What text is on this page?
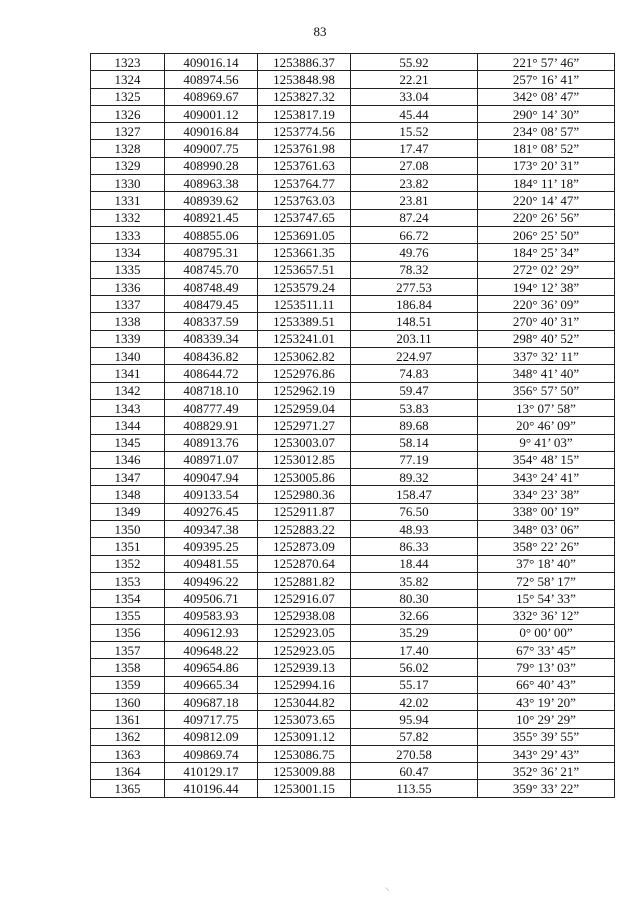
83
1323	409016.14	1253886.37	55.92	221° 57’ 46”
1324	408974.56	1253848.98	22.21	257° 16’ 41”
1325	408969.67	1253827.32	33.04	342° 08’ 47”
1326	409001.12	1253817.19	45.44	290° 14’ 30”
1327	409016.84	1253774.56	15.52	234° 08’ 57”
1328	409007.75	1253761.98	17.47	181° 08’ 52”
1329	408990.28	1253761.63	27.08	173° 20’ 31”
1330	408963.38	1253764.77	23.82	184° 11’ 18”
1331	408939.62	1253763.03	23.81	220° 14’ 47”
1332	408921.45	1253747.65	87.24	220° 26’ 56”
1333	408855.06	1253691.05	66.72	206° 25’ 50”
1334	408795.31	1253661.35	49.76	184° 25’ 34”
1335	408745.70	1253657.51	78.32	272° 02’ 29”
1336	408748.49	1253579.24	277.53	194° 12’ 38”
1337	408479.45	1253511.11	186.84	220° 36’ 09”
1338	408337.59	1253389.51	148.51	270° 40’ 31”
1339	408339.34	1253241.01	203.11	298° 40’ 52”
1340	408436.82	1253062.82	224.97	337° 32’ 11”
1341	408644.72	1252976.86	74.83	348° 41’ 40”
1342	408718.10	1252962.19	59.47	356° 57’ 50”
1343	408777.49	1252959.04	53.83	13° 07’ 58”
1344	408829.91	1252971.27	89.68	20° 46’ 09”
1345	408913.76	1253003.07	58.14	9° 41’ 03”
1346	408971.07	1253012.85	77.19	354° 48’ 15”
1347	409047.94	1253005.86	89.32	343° 24’ 41”
1348	409133.54	1252980.36	158.47	334° 23’ 38”
1349	409276.45	1252911.87	76.50	338° 00’ 19”
1350	409347.38	1252883.22	48.93	348° 03’ 06”
1351	409395.25	1252873.09	86.33	358° 22’ 26”
1352	409481.55	1252870.64	18.44	37° 18’ 40”
1353	409496.22	1252881.82	35.82	72° 58’ 17”
1354	409506.71	1252916.07	80.30	15° 54’ 33”
1355	409583.93	1252938.08	32.66	332° 36’ 12”
1356	409612.93	1252923.05	35.29	0° 00’ 00”
1357	409648.22	1252923.05	17.40	67° 33’ 45”
1358	409654.86	1252939.13	56.02	79° 13’ 03”
1359	409665.34	1252994.16	55.17	66° 40’ 43”
1360	409687.18	1253044.82	42.02	43° 19’ 20”
1361	409717.75	1253073.65	95.94	10° 29’ 29”
1362	409812.09	1253091.12	57.82	355° 39’ 55”
1363	409869.74	1253086.75	270.58	343° 29’ 43”
1364	410129.17	1253009.88	60.47	352° 36’ 21”
1365	410196.44	1253001.15	113.55	359° 33’ 22”
⸜
